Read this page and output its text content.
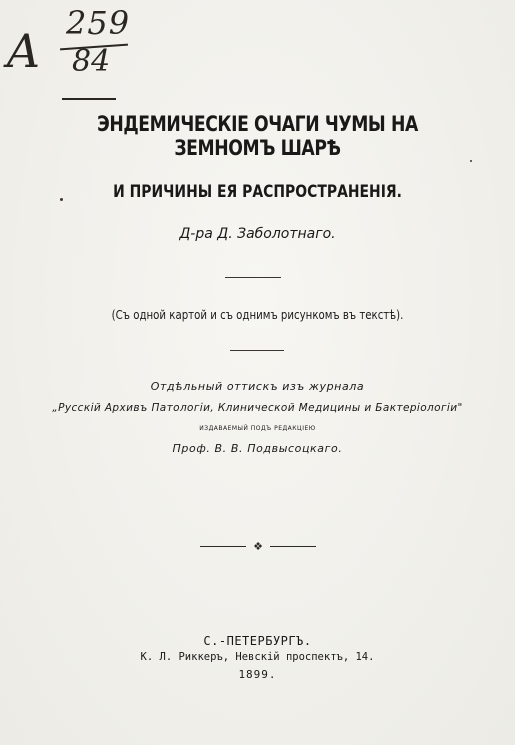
А
259
84
ЭНДЕМИЧЕСКІЕ ОЧАГИ ЧУМЫ НА ЗЕМНОМЪ ШАРѢ
И ПРИЧИНЫ ЕЯ РАСПРОСТРАНЕНІЯ.
Д-ра Д. Заболотнаго.
(Съ одной картой и съ однимъ рисункомъ въ текстѣ).
Отдѣльный оттискъ изъ журнала
„Русскій Архивъ Патологіи, Клинической Медицины и Бактеріологіи"
ИЗДАВАЕМЫЙ ПОДЪ РЕДАКЦІЕЮ
Проф. В. В. Подвысоцкаго.
❖
С.-ПЕТЕРБУРГЪ.
К. Л. Риккеръ, Невскій проспектъ, 14.
1899.
